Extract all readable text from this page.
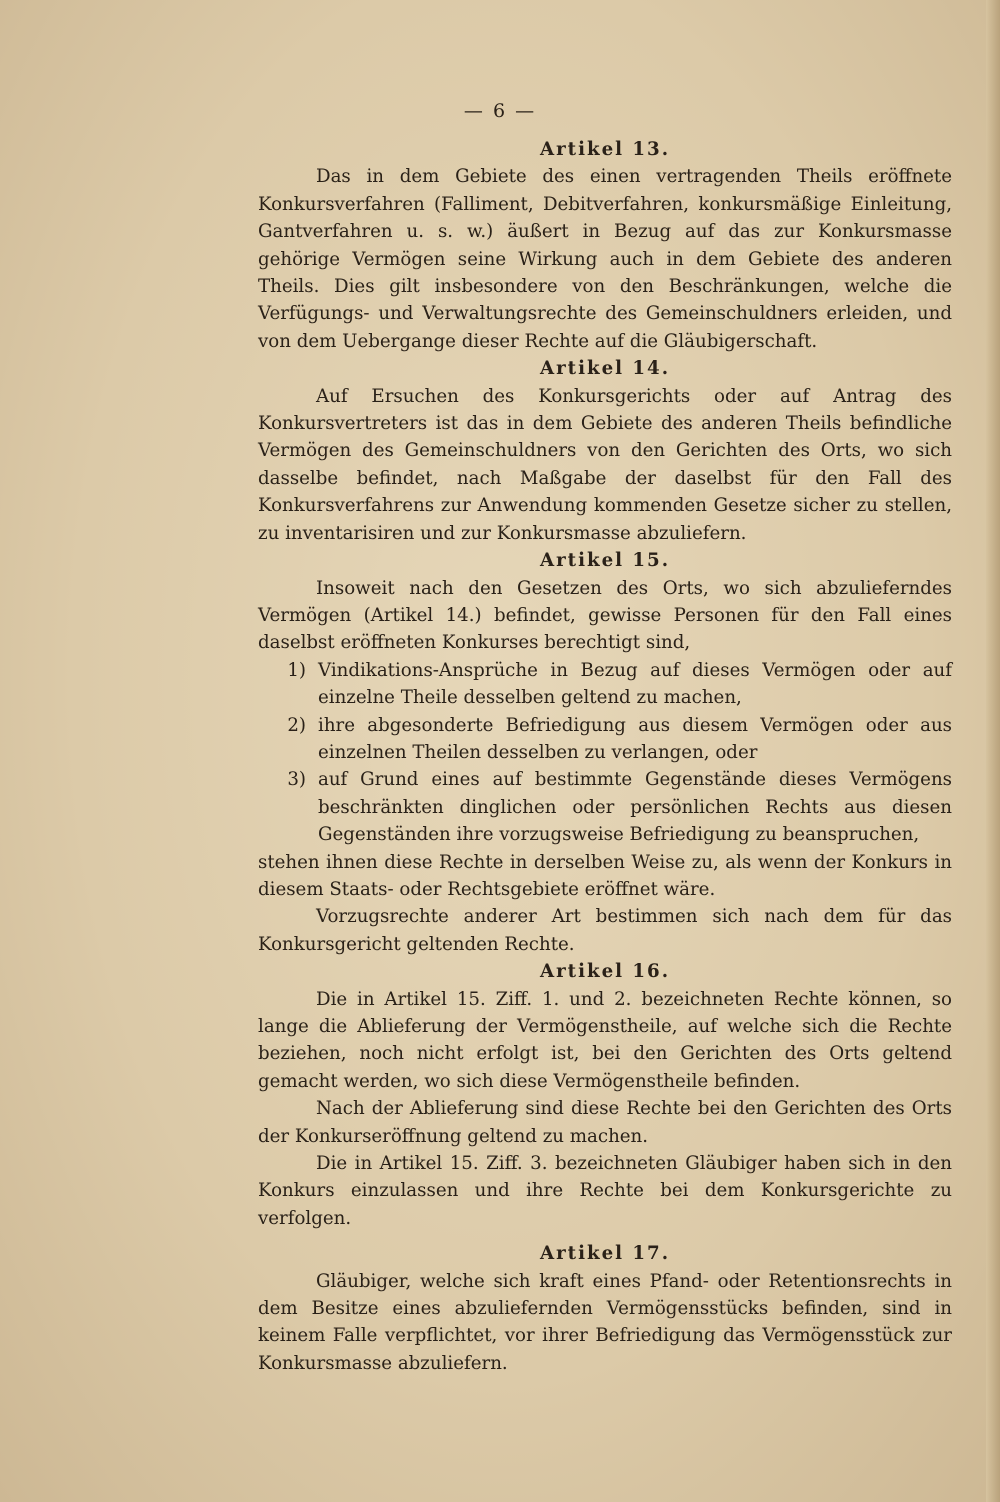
— 6 —
Artikel 13.

Das in dem Gebiete des einen vertragenden Theils eröffnete Konkursverfahren (Falliment, Debitverfahren, konkursmäßige Einleitung, Gantverfahren u. s. w.) äußert in Bezug auf das zur Konkursmasse gehörige Vermögen seine Wirkung auch in dem Gebiete des anderen Theils. Dies gilt insbesondere von den Beschränkungen, welche die Verfügungs- und Verwaltungsrechte des Gemeinschuldners erleiden, und von dem Uebergange dieser Rechte auf die Gläubigerschaft.

Artikel 14.

Auf Ersuchen des Konkursgerichts oder auf Antrag des Konkursvertreters ist das in dem Gebiete des anderen Theils befindliche Vermögen des Gemeinschuldners von den Gerichten des Orts, wo sich dasselbe befindet, nach Maßgabe der daselbst für den Fall des Konkursverfahrens zur Anwendung kommenden Gesetze sicher zu stellen, zu inventarisiren und zur Konkursmasse abzuliefern.

Artikel 15.

Insoweit nach den Gesetzen des Orts, wo sich abzulieferndes Vermögen (Artikel 14.) befindet, gewisse Personen für den Fall eines daselbst eröffneten Konkurses berechtigt sind,

1) Vindikations-Ansprüche in Bezug auf dieses Vermögen oder auf einzelne Theile desselben geltend zu machen,
2) ihre abgesonderte Befriedigung aus diesem Vermögen oder aus einzelnen Theilen desselben zu verlangen, oder
3) auf Grund eines auf bestimmte Gegenstände dieses Vermögens beschränkten dinglichen oder persönlichen Rechts aus diesen Gegenständen ihre vorzugsweise Befriedigung zu beanspruchen,

stehen ihnen diese Rechte in derselben Weise zu, als wenn der Konkurs in diesem Staats- oder Rechtsgebiete eröffnet wäre.

Vorzugsrechte anderer Art bestimmen sich nach dem für das Konkursgericht geltenden Rechte.

Artikel 16.

Die in Artikel 15. Ziff. 1. und 2. bezeichneten Rechte können, so lange die Ablieferung der Vermögenstheile, auf welche sich die Rechte beziehen, noch nicht erfolgt ist, bei den Gerichten des Orts geltend gemacht werden, wo sich diese Vermögenstheile befinden.

Nach der Ablieferung sind diese Rechte bei den Gerichten des Orts der Konkurseröffnung geltend zu machen.

Die in Artikel 15. Ziff. 3. bezeichneten Gläubiger haben sich in den Konkurs einzulassen und ihre Rechte bei dem Konkursgerichte zu verfolgen.

Artikel 17.

Gläubiger, welche sich kraft eines Pfand- oder Retentionsrechts in dem Besitze eines abzuliefernden Vermögensstücks befinden, sind in keinem Falle verpflichtet, vor ihrer Befriedigung das Vermögensstück zur Konkursmasse abzuliefern.
